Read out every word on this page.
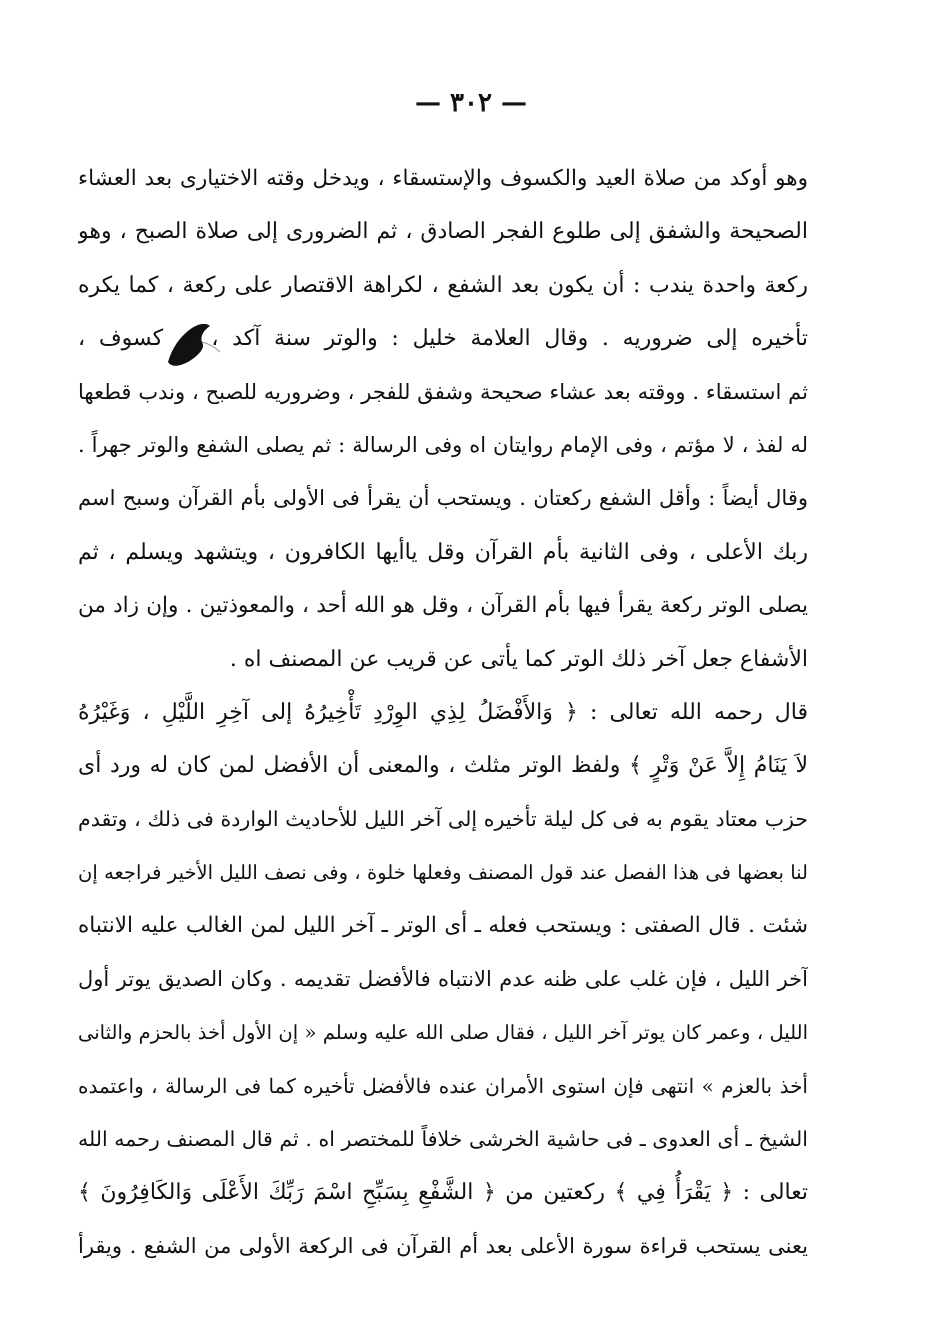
— ٣٠٢ —
وهو أوكد من صلاة العيد والكسوف والإستسقاء ، ويدخل وقته الاختيارى بعد العشاء
الصحيحة والشفق إلى طلوع الفجر الصادق ، ثم الضرورى إلى صلاة الصبح ، وهو
ركعة واحدة يندب : أن يكون بعد الشفع ، لكراهة الاقتصار على ركعة ، كما يكره
تأخيره إلى ضروريه . وقال العلامة خليل : والوتر سنة آكد ، ثم كسوف ،
ثم استسقاء . ووقته بعد عشاء صحيحة وشفق للفجر ، وضروريه للصبح ، وندب قطعها
له لفذ ، لا مؤتم ، وفى الإمام روايتان اه وفى الرسالة : ثم يصلى الشفع والوتر جهراً .
وقال أيضاً : وأقل الشفع ركعتان . ويستحب أن يقرأ فى الأولى بأم القرآن وسبح اسم
ربك الأعلى ، وفى الثانية بأم القرآن وقل ياأيها الكافرون ، ويتشهد ويسلم ، ثم
يصلى الوتر ركعة يقرأ فيها بأم القرآن ، وقل هو الله أحد ، والمعوذتين . وإن زاد من
الأشفاع جعل آخر ذلك الوتر كما يأتى عن قريب عن المصنف اه .
قال رحمه الله تعالى : ﴿ وَالأَفْضَلُ لِذِي الوِرْدِ تَأْخِيرُهُ إلى آخِرِ اللَّيْلِ ، وَغَيْرُهُ
لاَ يَنَامُ إِلاَّ عَنْ وَتْرٍ ﴾ ولفظ الوتر مثلث ، والمعنى أن الأفضل لمن كان له ورد أى
حزب معتاد يقوم به فى كل ليلة تأخيره إلى آخر الليل للأحاديث الواردة فى ذلك ، وتقدم
لنا بعضها فى هذا الفصل عند قول المصنف وفعلها خلوة ، وفى نصف الليل الأخير فراجعه إن
شئت . قال الصفتى : ويستحب فعله ـ أى الوتر ـ آخر الليل لمن الغالب عليه الانتباه
آخر الليل ، فإن غلب على ظنه عدم الانتباه فالأفضل تقديمه . وكان الصديق يوتر أول
الليل ، وعمر كان يوتر آخر الليل ، فقال صلى الله عليه وسلم « إن الأول أخذ بالحزم والثانى
أخذ بالعزم » انتهى فإن استوى الأمران عنده فالأفضل تأخيره كما فى الرسالة ، واعتمده
الشيخ ـ أى العدوى ـ فى حاشية الخرشى خلافاً للمختصر اه . ثم قال المصنف رحمه الله
تعالى : ﴿ يَقْرَأُ فِي ﴾ ركعتين من ﴿ الشَّفْعِ بِسَبِّحِ اسْمَ رَبِّكَ الأَعْلَى وَالكَافِرُونَ ﴾
يعنى يستحب قراءة سورة الأعلى بعد أم القرآن فى الركعة الأولى من الشفع . ويقرأ
